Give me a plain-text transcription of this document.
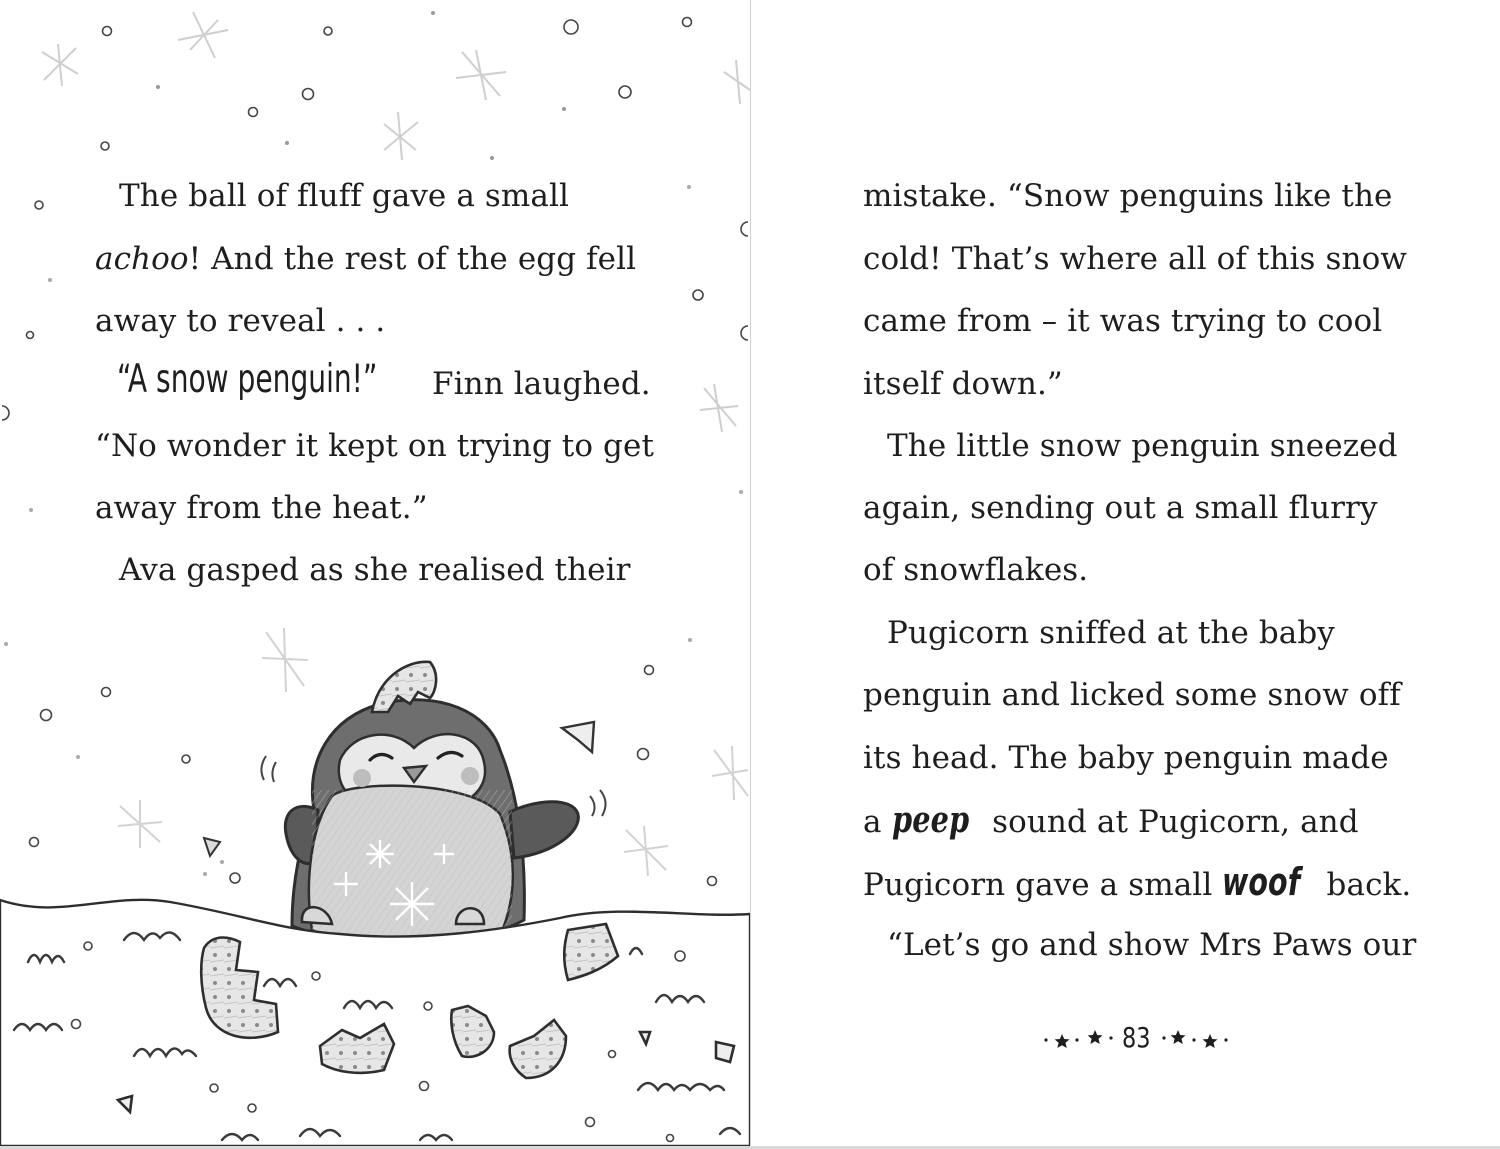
The ball of fluff gave a small
achoo! And the rest of the egg fell
away to reveal . . .
“A snow penguin!”	Finn laughed.
“No wonder it kept on trying to get
away from the heat.”
Ava gasped as she realised their
mistake. “Snow penguins like the
cold! That’s where all of this snow
came from – it was trying to cool
itself down.”
The little snow penguin sneezed
again, sending out a small flurry
of snowflakes.
Pugicorn sniffed at the baby
penguin and licked some snow off
its head. The baby penguin made
a peep sound at Pugicorn, and
Pugicorn gave a small woof back.
“Let’s go and show Mrs Paws our
83
